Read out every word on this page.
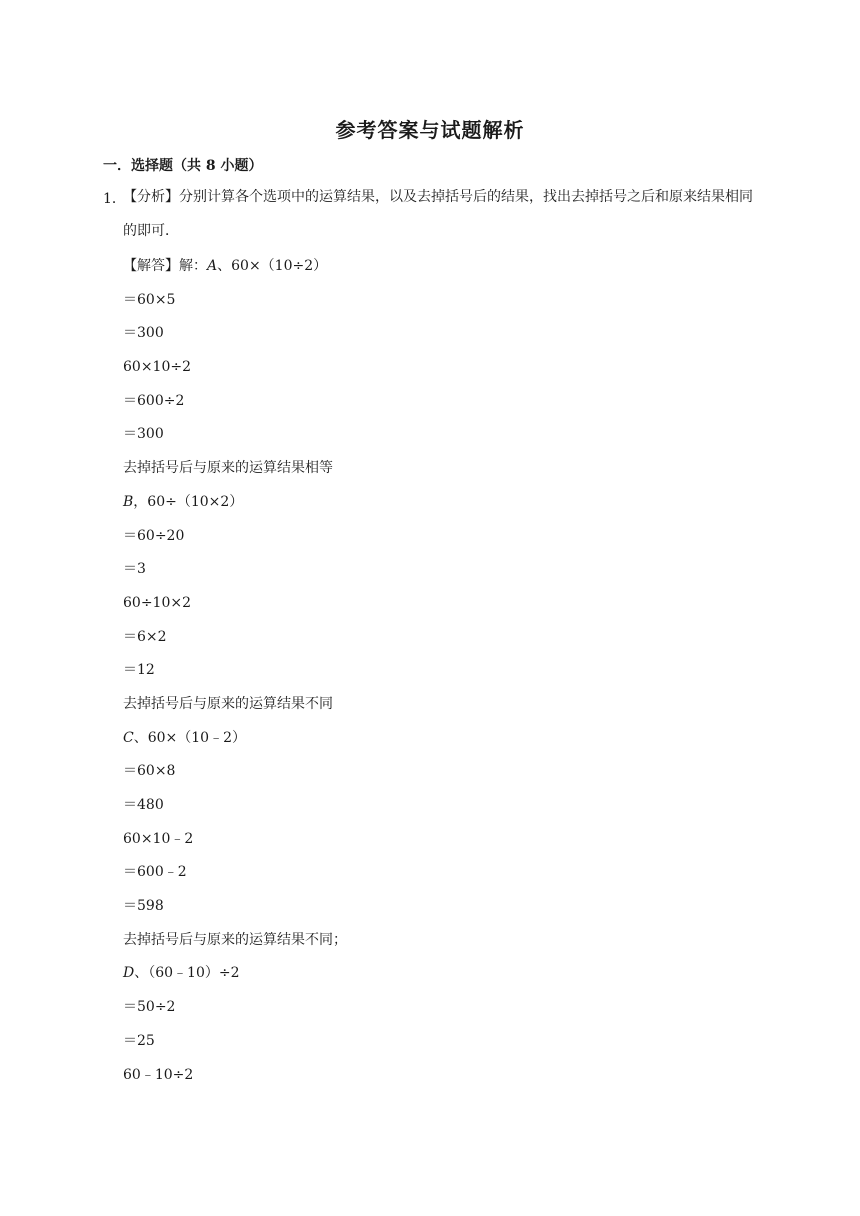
参考答案与试题解析
一．选择题（共 8 小题）
1．
【分析】分别计算各个选项中的运算结果，以及去掉括号后的结果，找出去掉括号之后和原来结果相同的即可．
【解答】解：A、60×（10÷2）
＝60×5
＝300
60×10÷2
＝600÷2
＝300
去掉括号后与原来的运算结果相等
B，60÷（10×2）
＝60÷20
＝3
60÷10×2
＝6×2
＝12
去掉括号后与原来的运算结果不同
C、60×（10﹣2）
＝60×8
＝480
60×10﹣2
＝600﹣2
＝598
去掉括号后与原来的运算结果不同；
D、（60﹣10）÷2
＝50÷2
＝25
60﹣10÷2
